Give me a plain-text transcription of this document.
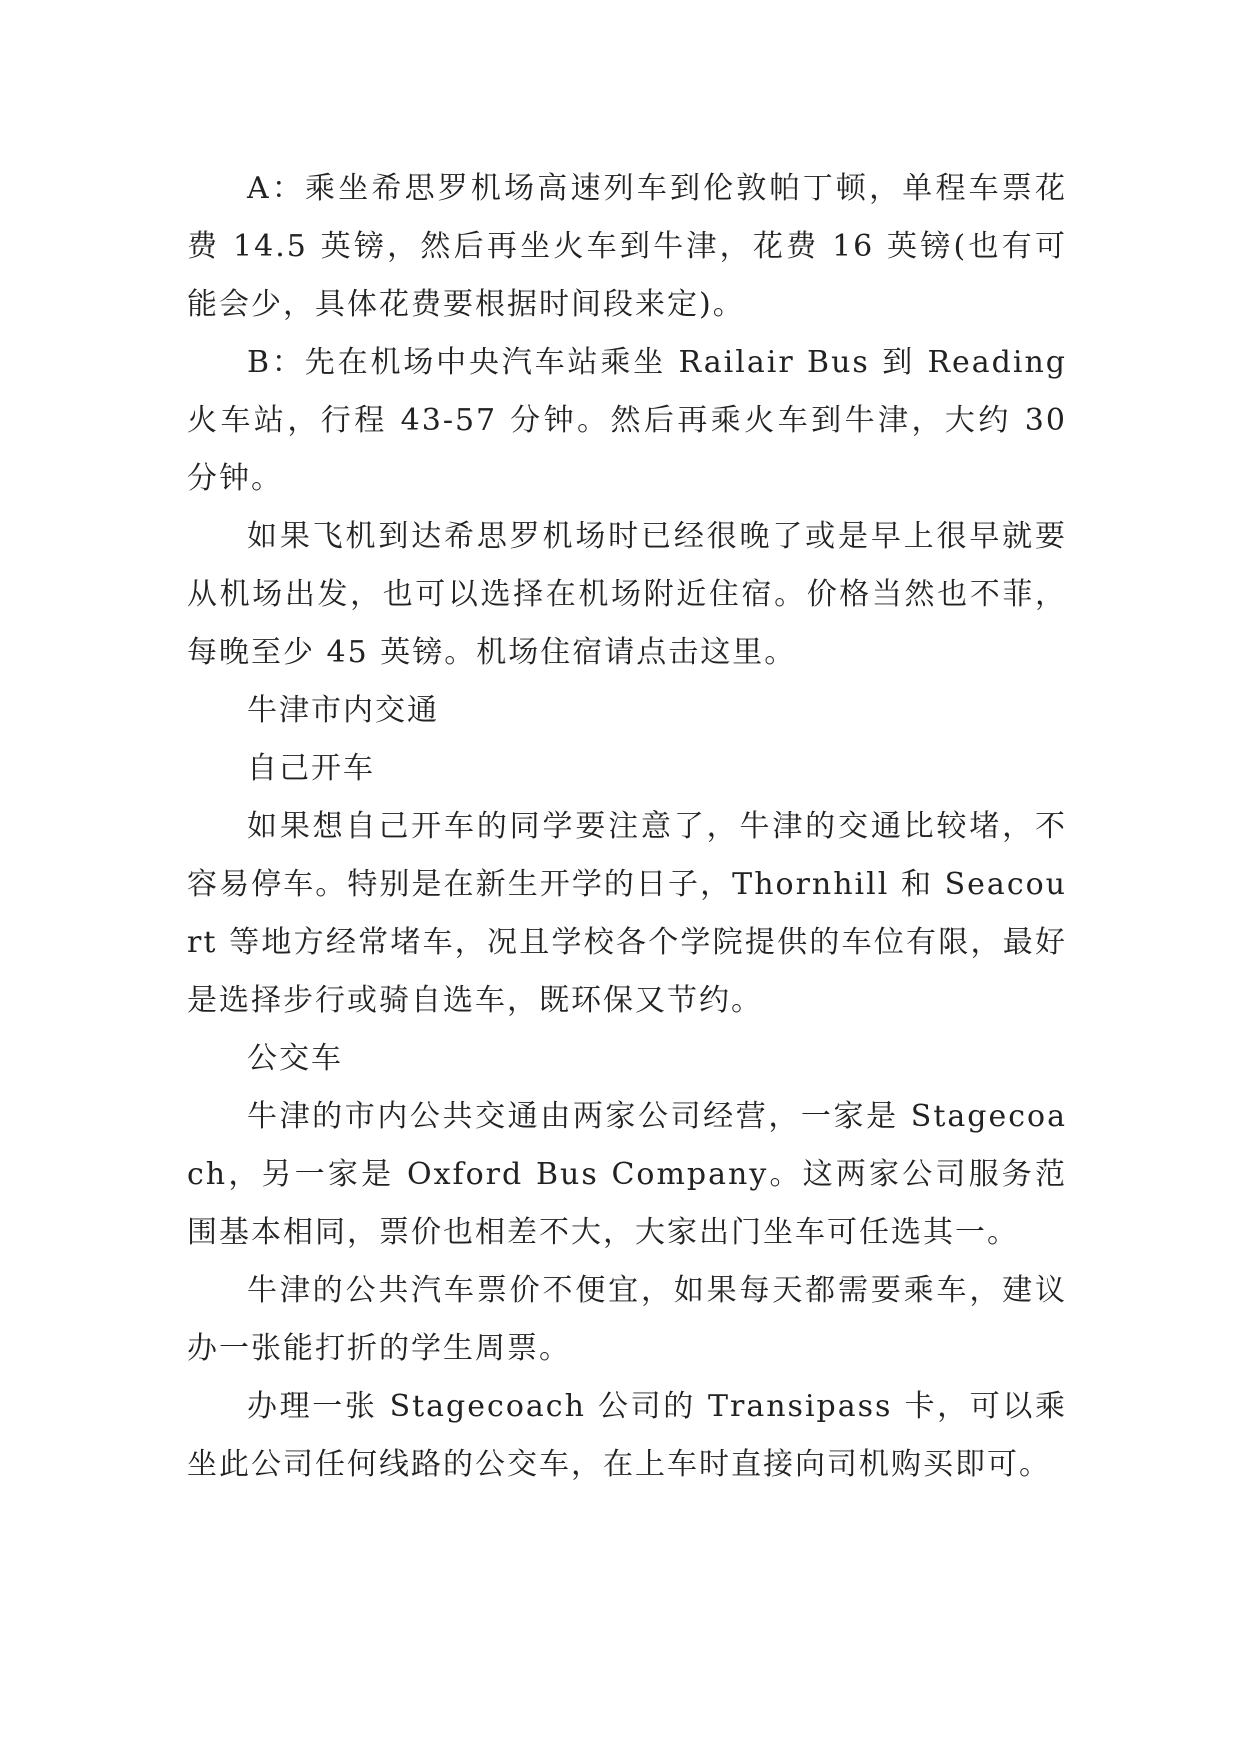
A：乘坐希思罗机场高速列车到伦敦帕丁顿，单程车票花费 14.5 英镑，然后再坐火车到牛津，花费 16 英镑(也有可能会少，具体花费要根据时间段来定)。

B：先在机场中央汽车站乘坐 Railair Bus 到 Reading 火车站，行程 43-57 分钟。然后再乘火车到牛津，大约 30 分钟。

如果飞机到达希思罗机场时已经很晚了或是早上很早就要从机场出发，也可以选择在机场附近住宿。价格当然也不菲，每晚至少 45 英镑。机场住宿请点击这里。

牛津市内交通

自己开车

如果想自己开车的同学要注意了，牛津的交通比较堵，不容易停车。特别是在新生开学的日子，Thornhill 和 Seacourt 等地方经常堵车，况且学校各个学院提供的车位有限，最好是选择步行或骑自选车，既环保又节约。

公交车

牛津的市内公共交通由两家公司经营，一家是 Stagecoach，另一家是 Oxford Bus Company。这两家公司服务范围基本相同，票价也相差不大，大家出门坐车可任选其一。

牛津的公共汽车票价不便宜，如果每天都需要乘车，建议办一张能打折的学生周票。

办理一张 Stagecoach 公司的 Transipass 卡，可以乘坐此公司任何线路的公交车，在上车时直接向司机购买即可。
